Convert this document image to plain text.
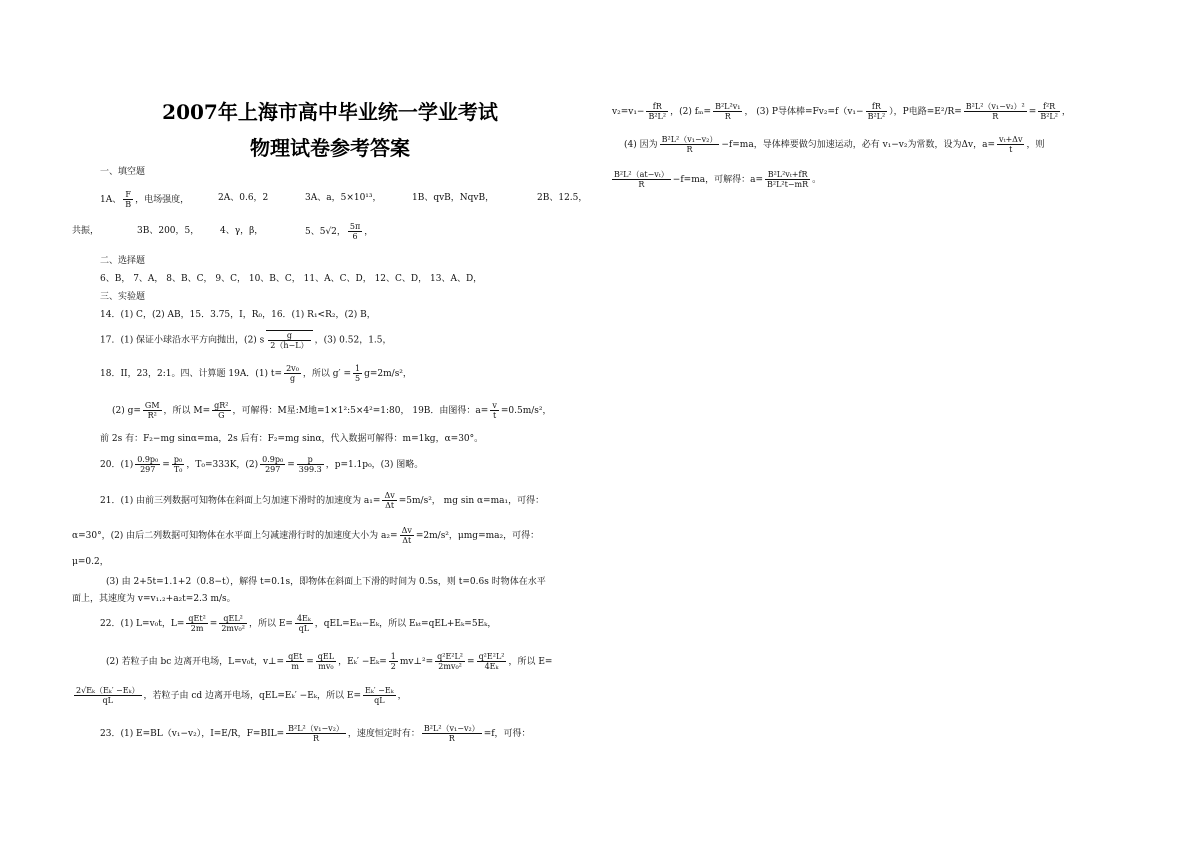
2007年上海市高中毕业统一学业考试
物理试卷参考答案
一、填空题
1A、 $\frac{F}{B}$ ，电场强度，	2A、0.6，2	3A、a，5×10¹³，	1B、qvB，NqvB，	2B、12.5，
共振，	3B、200，5， 4、γ，β，	5、5√2， $\frac{5\pi}{6}$ ，
二、选择题
6、B， 7、A， 8、B、C， 9、C， 10、B、C， 11、A、C、D， 12、C、D， 13、A、D，
三、实验题
14．(1) C，(2) AB，15．3.75，I，R₀，16．(1) R₁<R₂，(2) B，
17．(1) 保证小球沿水平方向抛出，(2) s $\frac{g}{2(h-L)}$ ，(3) 0.52，1.5，
18．II，23，2:1。四、计算题 19A．(1) $t= \frac{\text{2v₀}}{g}$ ，所以 $g' = \frac{1}{5} g=2m/s^2$，
(2) $g= \frac{GM}{\text{R²}}$ ，所以 $M= \frac{\text{gR²}}{G}$ ，可解得：M星:M地=1×1²:5×4²=1:80， 19B．由图得：$a= \frac{v}{t} =0.5m/s^2$，
前 2s 有：F₂−mg sinα=ma，2s 后有：F₂=mg sinα，代入数据可解得：m=1kg，α=30°。
20．$(1) \frac{\text{0.9p₀}}{297} = \frac{\text{p₀}}{\text{T₀}}$ ，T₀=333K，$(2) \frac{\text{0.9p₀}}{297} = \frac{p}{399.3}$ ，p=1.1p₀，(3) 图略。
21．(1) 由前三列数据可知物体在斜面上匀加速下滑时的加速度为 $a_1= \frac{\Delta v}{\Delta t} =5m/s^2$， mg sin α=ma₁，可得：
α=30°，(2) 由后二列数据可知物体在水平面上匀减速滑行时的加速度大小为 $a_2= \frac{\Delta v}{\Delta t} =2m/s^2$，μmg=ma₂，可得：
μ=0.2，
(3) 由 2+5t=1.1+2（0.8−t），解得 t=0.1s，即物体在斜面上下滑的时间为 0.5s，则 t=0.6s 时物体在水平
面上，其速度为 v=v₁.₂+a₂t=2.3 m/s。
22．(1) L=v₀t，$L= \frac{\text{qEt²}}{2m} = \frac{\text{qEL²}}{\text{2mv₀²}}$ ，所以 $E= \frac{\text{4Eₖ}}{qL}$ ，qEL=Eₖₜ−Eₖ，所以 Eₖₜ=qEL+Eₖ=5Eₖ，
(2) 若粒子由 bc 边离开电场，L=v₀t，v⊥= $\frac{\text{qEt}}{m} = \frac{\text{qEL}}{\text{mv₀}}$ ，$E_k' -E_k= \frac{1}{2}$ mv⊥²= $\frac{\text{q²E²L²}}{\text{2mv₀²}} = \frac{\text{q²E²L²}}{\text{4Eₖ}}$ ，所以 E=
$\frac{\text{2√Eₖ（Eₖ′ −Eₖ）}}{qL}$ ，若粒子由 cd 边离开电场，qEL=Eₖ′ −Eₖ，所以 $E= \frac{\text{Eₖ′ −Eₖ}}{qL}$ ，
23．(1) E=BL（v₁−v₂），I=E/R，$F=BIL= \frac{\text{B²L²（v₁−v₂）}}{R}$ ，速度恒定时有： $\frac{\text{B²L²（v₁−v₂）}}{R} =f$，可得：
$v_2=v_1- \frac{fR}{\text{B²L²}}$ ，(2) $f_m= \frac{\text{B²L²v₁}}{R}$ ， (3) P导体棒$=Fv_2=f(v_1- \frac{fR}{\text{B²L²}}$ ），P电路$=E^2/R= \frac{\text{B²L²（v₁−v₂）²}}{R} = \frac{\text{f²R}}{\text{B²L²}}$ ，
(4) 因为 $\frac{\text{B²L²（v₁−v₂）}}{R} -f=ma$，导体棒要做匀加速运动，必有 v₁−v₂为常数，设为Δv，$a= \frac{\text{vₜ+Δv}}{t}$ ，则
$\frac{\text{B²L²（at−vₜ）}}{R} -f=ma$，可解得：$a= \frac{\text{B²L²vₜ+fR}}{\text{B²L²t−mR}}$ 。
